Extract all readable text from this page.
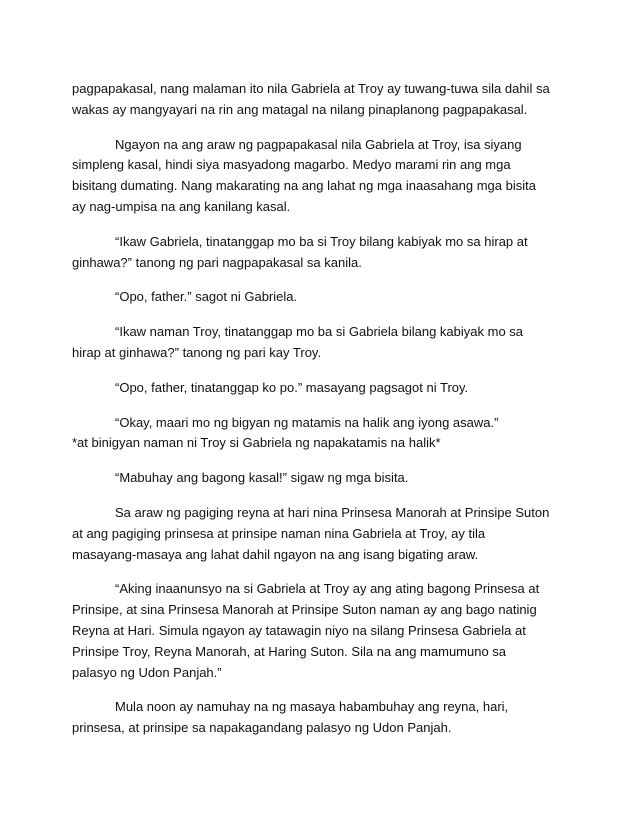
pagpapakasal, nang malaman ito nila Gabriela at Troy ay tuwang-tuwa sila dahil sa
wakas ay mangyayari na rin ang matagal na nilang pinaplanong pagpapakasal.
Ngayon na ang araw ng pagpapakasal nila Gabriela at Troy, isa siyang
simpleng kasal, hindi siya masyadong magarbo. Medyo marami rin ang mga
bisitang dumating. Nang makarating na ang lahat ng mga inaasahang mga bisita
ay nag-umpisa na ang kanilang kasal.
“Ikaw Gabriela, tinatanggap mo ba si Troy bilang kabiyak mo sa hirap at
ginhawa?” tanong ng pari nagpapakasal sa kanila.
“Opo, father.” sagot ni Gabriela.
“Ikaw naman Troy, tinatanggap mo ba si Gabriela bilang kabiyak mo sa
hirap at ginhawa?” tanong ng pari kay Troy.
“Opo, father, tinatanggap ko po.” masayang pagsagot ni Troy.
“Okay, maari mo ng bigyan ng matamis na halik ang iyong asawa.”
*at binigyan naman ni Troy si Gabriela ng napakatamis na halik*
“Mabuhay ang bagong kasal!” sigaw ng mga bisita.
Sa araw ng pagiging reyna at hari nina Prinsesa Manorah at Prinsipe Suton
at ang pagiging prinsesa at prinsipe naman nina Gabriela at Troy, ay tila
masayang-masaya ang lahat dahil ngayon na ang isang bigating araw.
“Aking inaanunsyo na si Gabriela at Troy ay ang ating bagong Prinsesa at
Prinsipe, at sina Prinsesa Manorah at Prinsipe Suton naman ay ang bago natinig
Reyna at Hari. Simula ngayon ay tatawagin niyo na silang Prinsesa Gabriela at
Prinsipe Troy, Reyna Manorah, at Haring Suton. Sila na ang mamumuno sa
palasyo ng Udon Panjah.”
Mula noon ay namuhay na ng masaya habambuhay ang reyna, hari,
prinsesa, at prinsipe sa napakagandang palasyo ng Udon Panjah.
